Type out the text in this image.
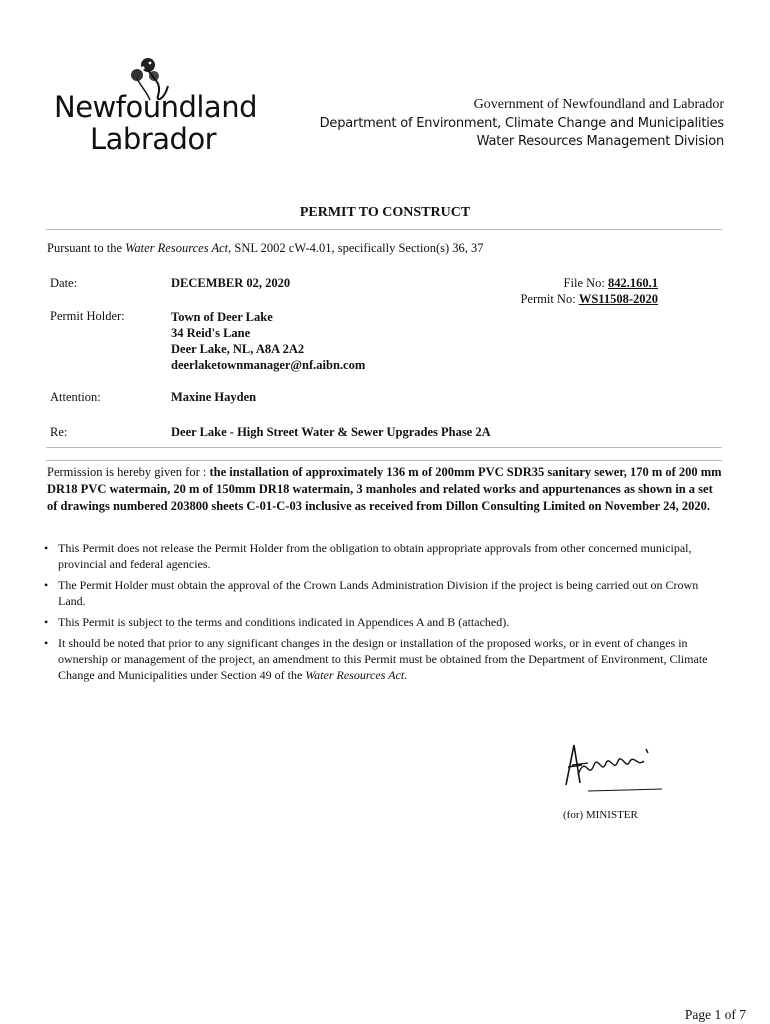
Newfoundland
Labrador
Government of Newfoundland and Labrador
Department of Environment, Climate Change and Municipalities
Water Resources Management Division
PERMIT TO CONSTRUCT
Pursuant to the Water Resources Act, SNL 2002 cW-4.01, specifically Section(s) 36, 37
Date:	DECEMBER 02, 2020	File No: 842.160.1
Permit No: WS11508-2020
Permit Holder:	Town of Deer Lake
34 Reid's Lane
Deer Lake, NL, A8A 2A2
deerlaketownmanager@nf.aibn.com
Attention:	Maxine Hayden
Re:	Deer Lake - High Street Water & Sewer Upgrades Phase 2A
Permission is hereby given for : the installation of approximately 136 m of 200mm PVC SDR35 sanitary sewer, 170 m of 200 mm DR18 PVC watermain, 20 m of 150mm DR18 watermain, 3 manholes and related works and appurtenances as shown in a set of drawings numbered 203800 sheets C-01-C-03 inclusive as received from Dillon Consulting Limited on November 24, 2020.
• This Permit does not release the Permit Holder from the obligation to obtain appropriate approvals from other concerned municipal, provincial and federal agencies.
• The Permit Holder must obtain the approval of the Crown Lands Administration Division if the project is being carried out on Crown Land.
• This Permit is subject to the terms and conditions indicated in Appendices A and B (attached).
• It should be noted that prior to any significant changes in the design or installation of the proposed works, or in event of changes in ownership or management of the project, an amendment to this Permit must be obtained from the Department of Environment, Climate Change and Municipalities under Section 49 of the Water Resources Act.
(for) MINISTER
Page 1 of 7
